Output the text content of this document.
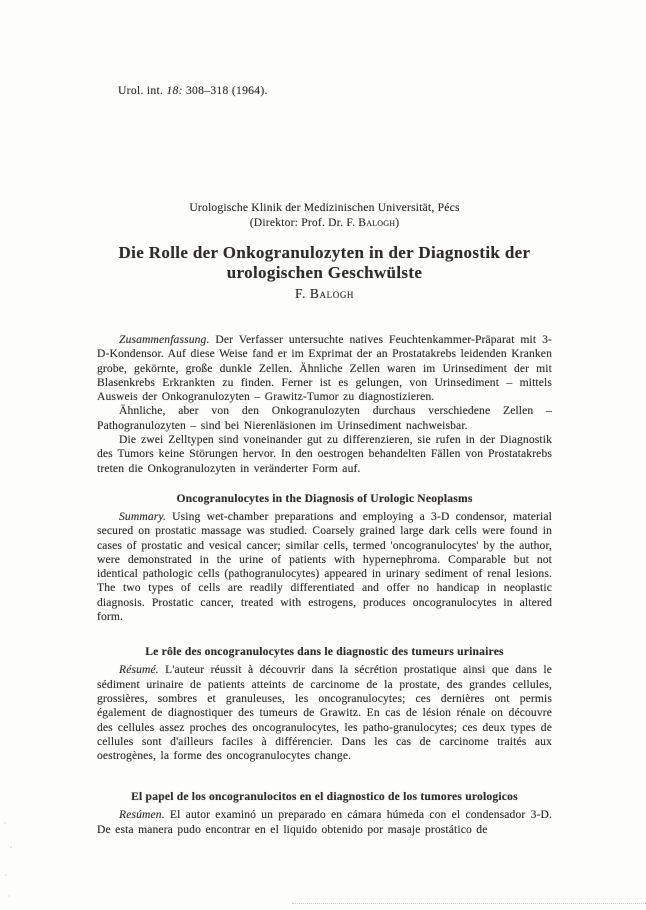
Urol. int. 18: 308–318 (1964).
Urologische Klinik der Medizinischen Universität, Pécs
(Direktor: Prof. Dr. F. Balogh)
Die Rolle der Onkogranulozyten in der Diagnostik der
urologischen Geschwülste
F. Balogh

Zusammenfassung. Der Verfasser untersuchte natives Feuchtenkammer-Präparat mit 3-D-Kondensor. Auf diese Weise fand er im Exprimat der an Prostatakrebs leidenden Kranken grobe, gekörnte, große dunkle Zellen. Ähnliche Zellen waren im Urinsediment der mit Blasenkrebs Erkrankten zu finden. Ferner ist es gelungen, von Urinsediment – mittels Ausweis der Onkogranulozyten – Grawitz-Tumor zu diagnostizieren.

Ähnliche, aber von den Onkogranulozyten durchaus verschiedene Zellen – Pathogranulozyten – sind bei Nierenläsionen im Urinsediment nachweisbar.

Die zwei Zelltypen sind voneinander gut zu differenzieren, sie rufen in der Diagnostik des Tumors keine Störungen hervor. In den oestrogen behandelten Fällen von Prostatakrebs treten die Onkogranulozyten in veränderter Form auf.

Oncogranulocytes in the Diagnosis of Urologic Neoplasms

Summary. Using wet-chamber preparations and employing a 3-D condensor, material secured on prostatic massage was studied. Coarsely grained large dark cells were found in cases of prostatic and vesical cancer; similar cells, termed 'oncogranulocytes' by the author, were demonstrated in the urine of patients with hypernephroma. Comparable but not identical pathologic cells (pathogranulocytes) appeared in urinary sediment of renal lesions. The two types of cells are readily differentiated and offer no handicap in neoplastic diagnosis. Prostatic cancer, treated with estrogens, produces oncogranulocytes in altered form.

Le rôle des oncogranulocytes dans le diagnostic des tumeurs urinaires

Résumé. L'auteur réussit à découvrir dans la sécrétion prostatique ainsi que dans le sédiment urinaire de patients atteints de carcinome de la prostate, des grandes cellules, grossières, sombres et granuleuses, les oncogranulocytes; ces dernières ont permis également de diagnostiquer des tumeurs de Grawitz. En cas de lésion rénale on découvre des cellules assez proches des oncogranulocytes, les patho-granulocytes; ces deux types de cellules sont d'ailleurs faciles à différencier. Dans les cas de carcinome traités aux oestrogènes, la forme des oncogranulocytes change.

El papel de los oncogranulocitos en el diagnostico de los tumores urologicos

Resúmen. El autor examinó un preparado en cámara húmeda con el condensador 3-D. De esta manera pudo encontrar en el liquido obtenido por masaje prostático de
